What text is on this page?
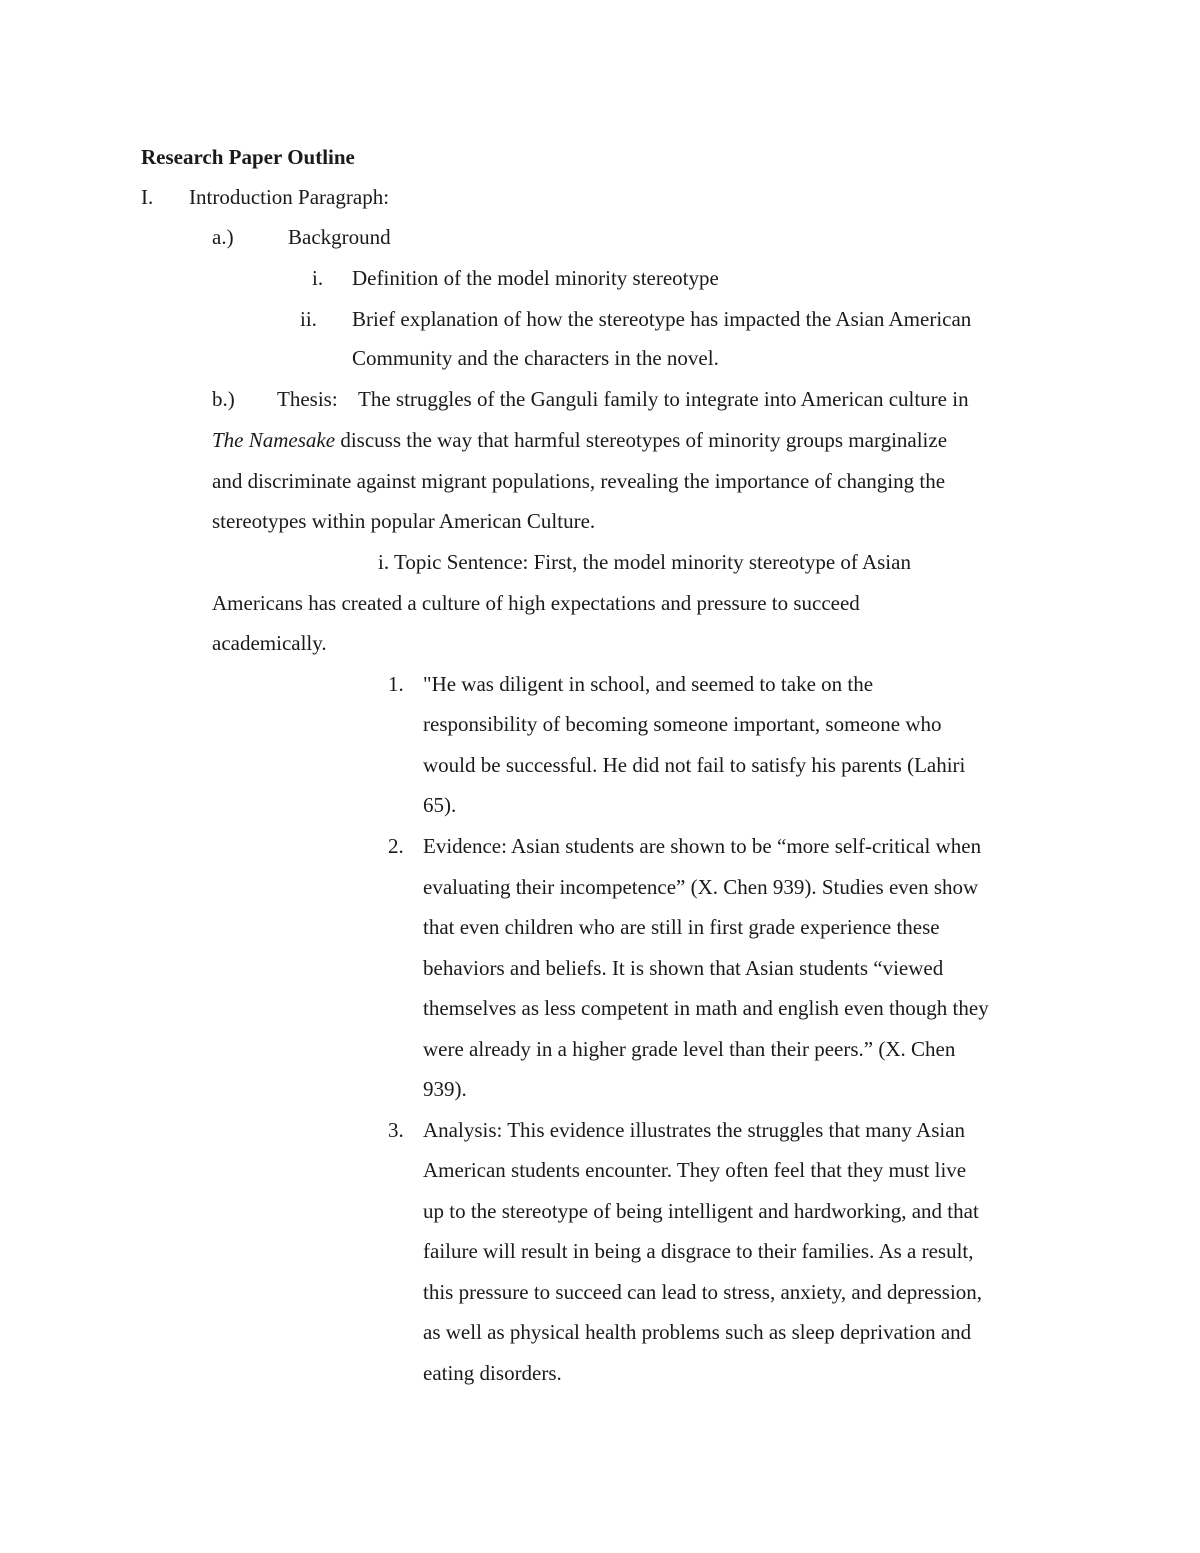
Research Paper Outline
I. Introduction Paragraph:
a.)	Background
i. Definition of the model minority stereotype
ii. Brief explanation of how the stereotype has impacted the Asian American
Community and the characters in the novel.
b.) Thesis: The struggles of the Ganguli family to integrate into American culture in
The Namesake discuss the way that harmful stereotypes of minority groups marginalize
and discriminate against migrant populations, revealing the importance of changing the
stereotypes within popular American Culture.
i. Topic Sentence: First, the model minority stereotype of Asian
Americans has created a culture of high expectations and pressure to succeed
academically.
1. "He was diligent in school, and seemed to take on the
responsibility of becoming someone important, someone who
would be successful. He did not fail to satisfy his parents (Lahiri
65).
2. Evidence: Asian students are shown to be “more self-critical when
evaluating their incompetence” (X. Chen 939). Studies even show
that even children who are still in first grade experience these
behaviors and beliefs. It is shown that Asian students “viewed
themselves as less competent in math and english even though they
were already in a higher grade level than their peers.” (X. Chen
939).
3. Analysis: This evidence illustrates the struggles that many Asian
American students encounter. They often feel that they must live
up to the stereotype of being intelligent and hardworking, and that
failure will result in being a disgrace to their families. As a result,
this pressure to succeed can lead to stress, anxiety, and depression,
as well as physical health problems such as sleep deprivation and
eating disorders.
